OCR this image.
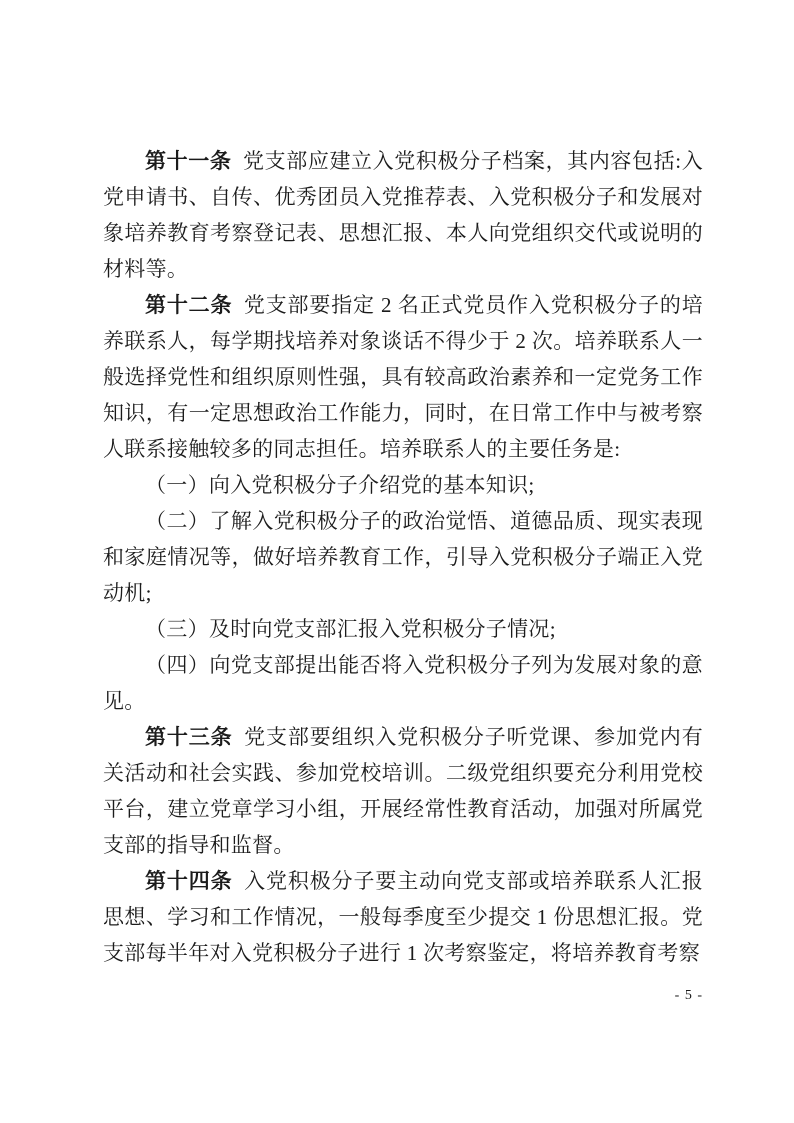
第十一条 党支部应建立入党积极分子档案，其内容包括:入党申请书、自传、优秀团员入党推荐表、入党积极分子和发展对象培养教育考察登记表、思想汇报、本人向党组织交代或说明的材料等。

第十二条 党支部要指定 2 名正式党员作入党积极分子的培养联系人，每学期找培养对象谈话不得少于 2 次。培养联系人一般选择党性和组织原则性强，具有较高政治素养和一定党务工作知识，有一定思想政治工作能力，同时，在日常工作中与被考察人联系接触较多的同志担任。培养联系人的主要任务是:

（一）向入党积极分子介绍党的基本知识;

（二）了解入党积极分子的政治觉悟、道德品质、现实表现和家庭情况等，做好培养教育工作，引导入党积极分子端正入党动机;

（三）及时向党支部汇报入党积极分子情况;

（四）向党支部提出能否将入党积极分子列为发展对象的意见。

第十三条 党支部要组织入党积极分子听党课、参加党内有关活动和社会实践、参加党校培训。二级党组织要充分利用党校平台，建立党章学习小组，开展经常性教育活动，加强对所属党支部的指导和监督。

第十四条 入党积极分子要主动向党支部或培养联系人汇报思想、学习和工作情况，一般每季度至少提交 1 份思想汇报。党支部每半年对入党积极分子进行 1 次考察鉴定，将培养教育考察

- 5 -
